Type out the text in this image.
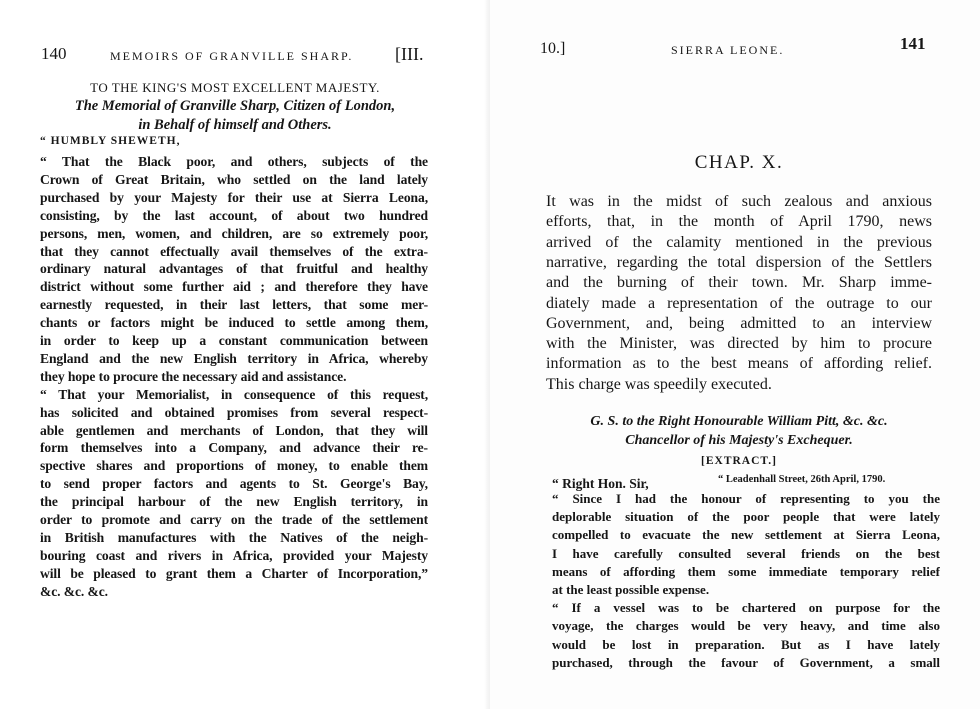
140	MEMOIRS OF GRANVILLE SHARP. [III.
TO THE KING'S MOST EXCELLENT MAJESTY.
The Memorial of Granville Sharp, Citizen of London,
in Behalf of himself and Others.
“ HUMBLY SHEWETH,
“ That the Black poor, and others, subjects of the
Crown of Great Britain, who settled on the land lately
purchased by your Majesty for their use at Sierra Leona,
consisting, by the last account, of about two hundred
persons, men, women, and children, are so extremely poor,
that they cannot effectually avail themselves of the extra-
ordinary natural advantages of that fruitful and healthy
district without some further aid ; and therefore they have
earnestly requested, in their last letters, that some mer-
chants or factors might be induced to settle among them,
in order to keep up a constant communication between
England and the new English territory in Africa, whereby
they hope to procure the necessary aid and assistance.
“ That your Memorialist, in consequence of this request,
has solicited and obtained promises from several respect-
able gentlemen and merchants of London, that they will
form themselves into a Company, and advance their re-
spective shares and proportions of money, to enable them
to send proper factors and agents to St. George's Bay,
the principal harbour of the new English territory, in
order to promote and carry on the trade of the settlement
in British manufactures with the Natives of the neigh-
bouring coast and rivers in Africa, provided your Majesty
will be pleased to grant them a Charter of Incorporation,”
&c. &c. &c.
10.]	SIERRA LEONE.	141
CHAP. X.
It was in the midst of such zealous and anxious
efforts, that, in the month of April 1790, news
arrived of the calamity mentioned in the previous
narrative, regarding the total dispersion of the Settlers
and the burning of their town. Mr. Sharp imme-
diately made a representation of the outrage to our
Government, and, being admitted to an interview
with the Minister, was directed by him to procure
information as to the best means of affording relief.
This charge was speedily executed.
G. S. to the Right Honourable William Pitt, &c. &c.
Chancellor of his Majesty's Exchequer.
[EXTRACT.]
“ Right Hon. Sir,	“ Leadenhall Street, 26th April, 1790.
“ Since I had the honour of representing to you the
deplorable situation of the poor people that were lately
compelled to evacuate the new settlement at Sierra Leona,
I have carefully consulted several friends on the best
means of affording them some immediate temporary relief
at the least possible expense.
“ If a vessel was to be chartered on purpose for the
voyage, the charges would be very heavy, and time also
would be lost in preparation. But as I have lately
purchased, through the favour of Government, a small
